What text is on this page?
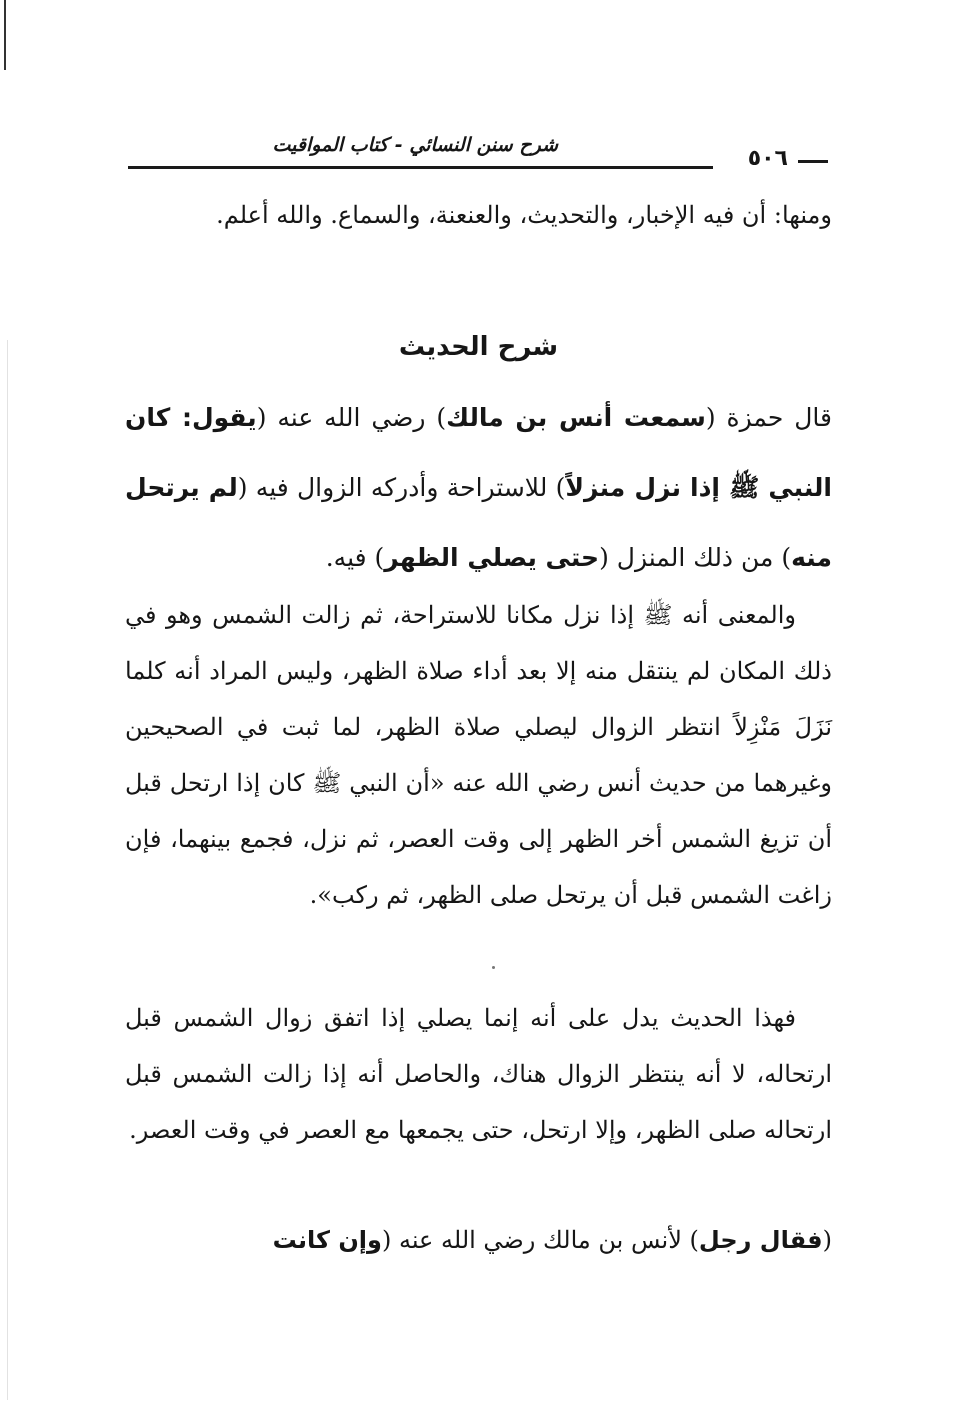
شرح سنن النسائي - كتاب المواقيت
٥٠٦
ومنها: أن فيه الإخبار، والتحديث، والعنعنة، والسماع. والله أعلم.
شرح الحديث
قال حمزة (سمعت أنس بن مالك) رضي الله عنه (يقول: كان النبي ﷺ إذا نزل منزلاً) للاستراحة وأدركه الزوال فيه (لم يرتحل منه) من ذلك المنزل (حتى يصلي الظهر) فيه.
والمعنى أنه ﷺ إذا نزل مكانا للاستراحة، ثم زالت الشمس وهو في ذلك المكان لم ينتقل منه إلا بعد أداء صلاة الظهر، وليس المراد أنه كلما نَزَلَ مَنْزِلاً انتظر الزوال ليصلي صلاة الظهر، لما ثبت في الصحيحين وغيرهما من حديث أنس رضي الله عنه «أن النبي ﷺ كان إذا ارتحل قبل أن تزيغ الشمس أخر الظهر إلى وقت العصر، ثم نزل، فجمع بينهما، فإن زاغت الشمس قبل أن يرتحل صلى الظهر، ثم ركب».
فهذا الحديث يدل على أنه إنما يصلي إذا اتفق زوال الشمس قبل ارتحاله، لا أنه ينتظر الزوال هناك، والحاصل أنه إذا زالت الشمس قبل ارتحاله صلى الظهر، وإلا ارتحل، حتى يجمعها مع العصر في وقت العصر.
(فقال رجل) لأنس بن مالك رضي الله عنه (وإن كانت
